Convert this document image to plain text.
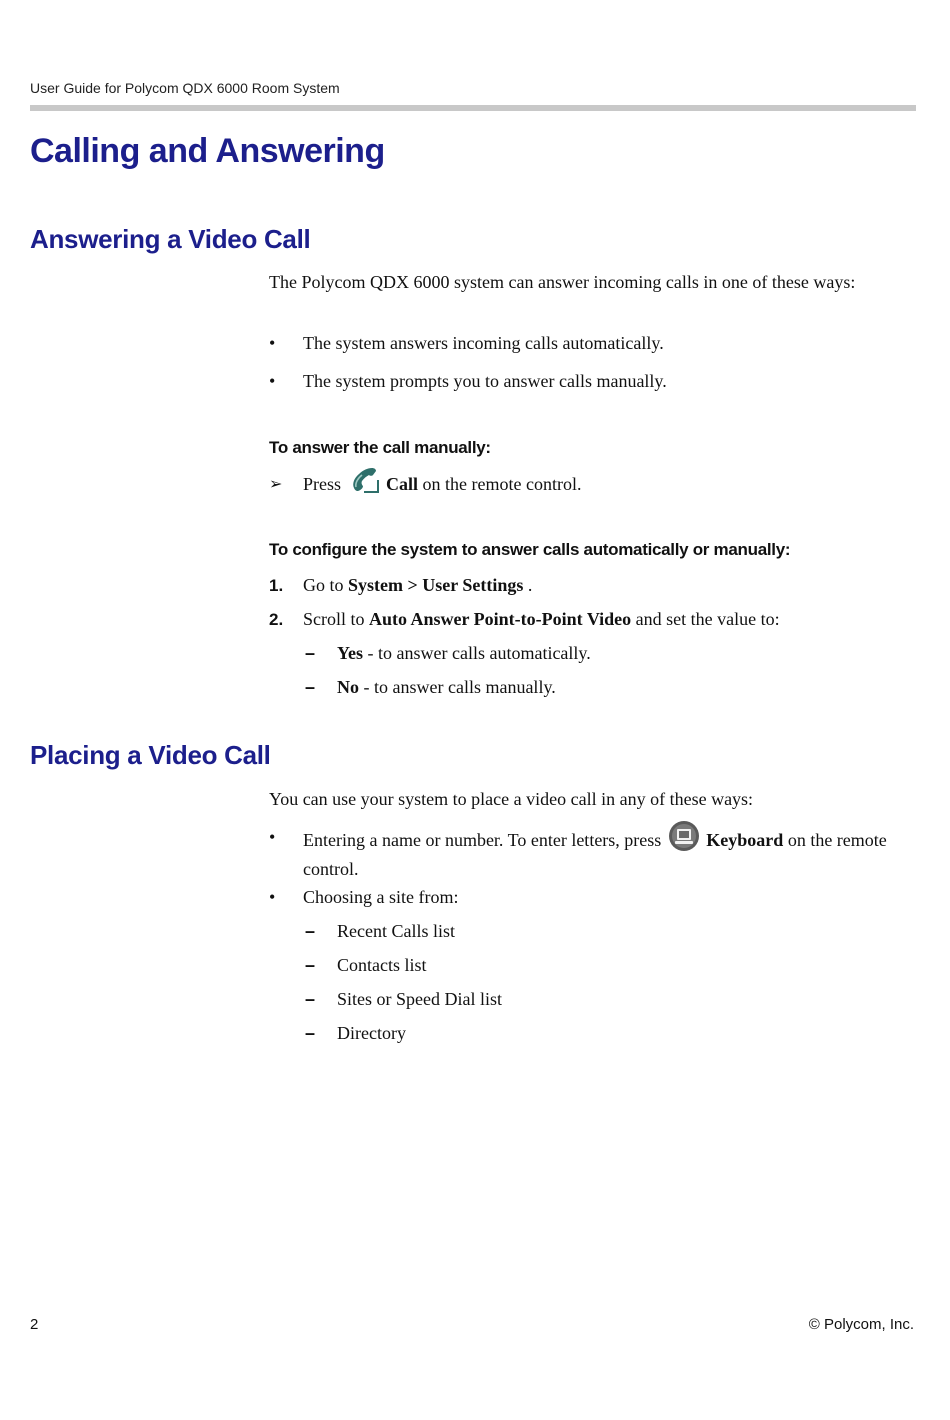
User Guide for Polycom QDX 6000 Room System
Calling and Answering
Answering a Video Call

The Polycom QDX 6000 system can answer incoming calls in one of these ways:

• The system answers incoming calls automatically.
• The system prompts you to answer calls manually.
To answer the call manually:
➢ Press	Call on the remote control.
To configure the system to answer calls automatically or manually:
1. Go to System > User Settings .
2. Scroll to Auto Answer Point-to-Point Video and set the value to:
– Yes - to answer calls automatically.
– No - to answer calls manually.
Placing a Video Call

You can use your system to place a video call in any of these ways:

• Entering a name or number. To enter letters, press	Keyboard on the remote control.
• Choosing a site from:
– Recent Calls list
– Contacts list
– Sites or Speed Dial list
– Directory
2	© Polycom, Inc.
